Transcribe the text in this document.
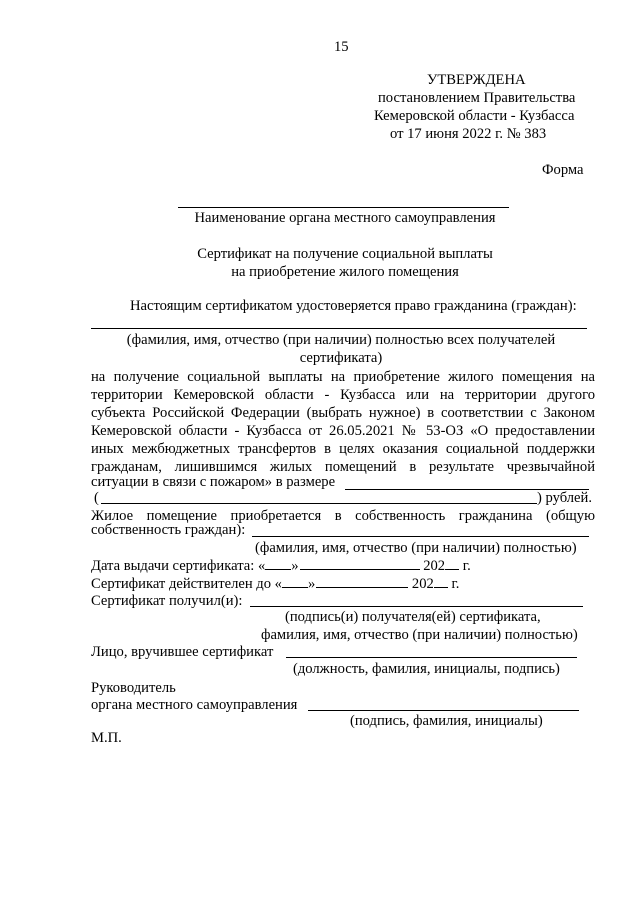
15
УТВЕРЖДЕНА
постановлением Правительства
Кемеровской области - Кузбасса
от 17 июня 2022 г. № 383
Форма
Наименование органа местного самоуправления
Сертификат на получение социальной выплаты
на приобретение жилого помещения
Настоящим сертификатом удостоверяется право гражданина (граждан):
(фамилия, имя, отчество (при наличии) полностью всех получателей
сертификата)
на получение социальной выплаты на приобретение жилого помещения на
территории Кемеровской области - Кузбасса или на территории другого
субъекта Российской Федерации (выбрать нужное) в соответствии с Законом
Кемеровской области - Кузбасса от 26.05.2021 № 53-ОЗ «О предоставлении
иных межбюджетных трансфертов в целях оказания социальной поддержки
гражданам, лишившимся жилых помещений в результате чрезвычайной
ситуации в связи с пожаром» в размере
(	) рублей.
Жилое помещение приобретается в собственность гражданина (общую
собственность граждан):
(фамилия, имя, отчество (при наличии) полностью)
Дата выдачи сертификата: « »	202 г.
Сертификат действителен до « »	202 г.
Сертификат получил(и):
(подпись(и) получателя(ей) сертификата,
фамилия, имя, отчество (при наличии) полностью)
Лицо, вручившее сертификат
(должность, фамилия, инициалы, подпись)
Руководитель
органа местного самоуправления
(подпись, фамилия, инициалы)
М.П.
